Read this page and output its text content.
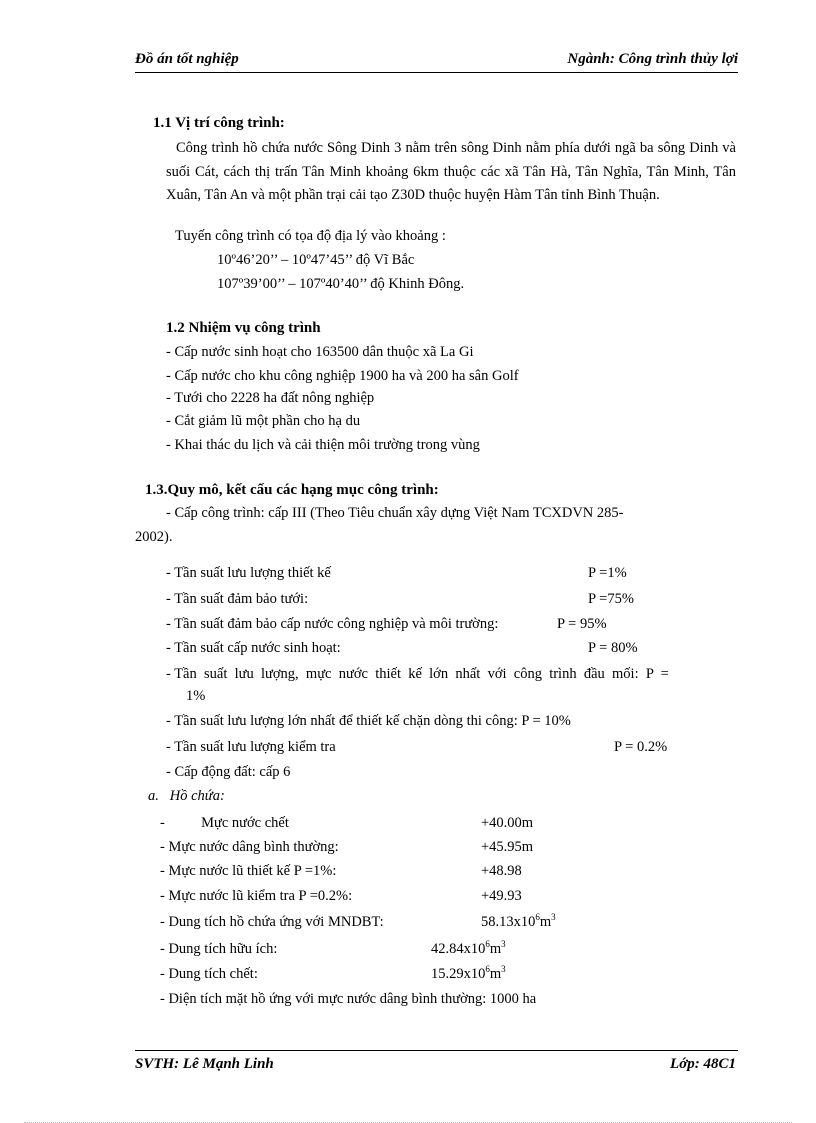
Đồ án tốt nghiệp	Ngành: Công trình thủy lợi
1.1 Vị trí công trình:
Công trình hồ chứa nước Sông Dinh 3 nằm trên sông Dinh nằm phía dưới ngã ba sông Dinh và suối Cát, cách thị trấn Tân Minh khoảng 6km thuộc các xã Tân Hà, Tân Nghĩa, Tân Minh, Tân Xuân, Tân An và một phần trại cải tạo Z30D thuộc huyện Hàm Tân tỉnh Bình Thuận.
Tuyến công trình có tọa độ địa lý vào khoảng :
10º46’20’’ – 10º47’45’’ độ Vĩ Bắc
107º39’00’’ – 107º40’40’’ độ Khinh Đông.
1.2 Nhiệm vụ công trình
- Cấp nước sinh hoạt cho 163500 dân thuộc xã La Gi
- Cấp nước cho khu công nghiệp 1900 ha và 200 ha sân Golf
- Tưới cho 2228 ha đất nông nghiệp
- Cắt giảm lũ một phần cho hạ du
- Khai thác du lịch và cải thiện môi trường trong vùng
1.3.Quy mô, kết cấu các hạng mục công trình:
- Cấp công trình: cấp III (Theo Tiêu chuẩn xây dựng Việt Nam TCXDVN 285-
2002).
- Tần suất lưu lượng thiết kế	P =1%
- Tần suất đảm bảo tưới:	P =75%
- Tần suất đảm bảo cấp nước công nghiệp và môi trường:	P = 95%
- Tần suất cấp nước sinh hoạt:	P = 80%
- Tần  suất  lưu  lượng,  mực  nước  thiết  kế  lớn  nhất  với  công  trình  đầu  mối:  P  =
1%
- Tần suất lưu lượng lớn nhất để thiết kế chặn dòng thi công: P = 10%
- Tần suất lưu lượng kiểm tra	P = 0.2%
- Cấp động đất: cấp 6
a.   Hồ chứa:
-          Mực nước chết	+40.00m
- Mực nước dâng bình thường:	+45.95m
- Mực nước lũ thiết kế P =1%:	+48.98
- Mực nước lũ kiểm tra P =0.2%:	+49.93
- Dung tích hồ chứa ứng với MNDBT:	$58.13x10^6m^3$
- Dung tích hữu ích:	$42.84x10^6m^3$
- Dung tích chết:	$15.29x10^6m^3$
- Diện tích mặt hồ ứng với mực nước dâng bình thường: 1000 ha
SVTH: Lê Mạnh Linh	Lớp: 48C1
